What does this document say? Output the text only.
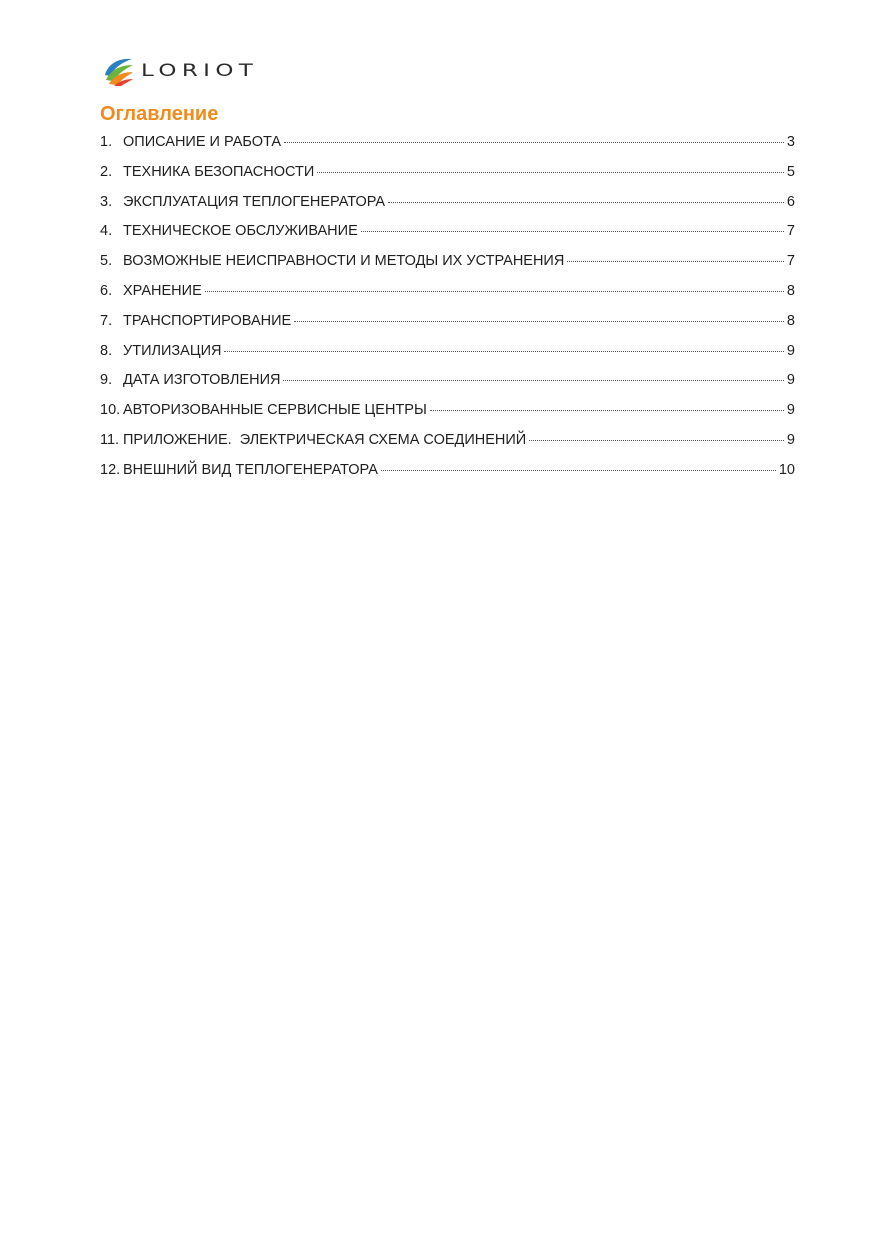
LORIOT
Оглавление
1. ОПИСАНИЕ И РАБОТА	3
2. ТЕХНИКА БЕЗОПАСНОСТИ	5
3. ЭКСПЛУАТАЦИЯ ТЕПЛОГЕНЕРАТОРА	6
4. ТЕХНИЧЕСКОЕ ОБСЛУЖИВАНИЕ	7
5. ВОЗМОЖНЫЕ НЕИСПРАВНОСТИ И МЕТОДЫ ИХ УСТРАНЕНИЯ	7
6. ХРАНЕНИЕ	8
7. ТРАНСПОРТИРОВАНИЕ	8
8. УТИЛИЗАЦИЯ	9
9. ДАТА ИЗГОТОВЛЕНИЯ	9
10. АВТОРИЗОВАННЫЕ СЕРВИСНЫЕ ЦЕНТРЫ	9
11. ПРИЛОЖЕНИЕ.  ЭЛЕКТРИЧЕСКАЯ СХЕМА СОЕДИНЕНИЙ	9
12. ВНЕШНИЙ ВИД ТЕПЛОГЕНЕРАТОРА	10
